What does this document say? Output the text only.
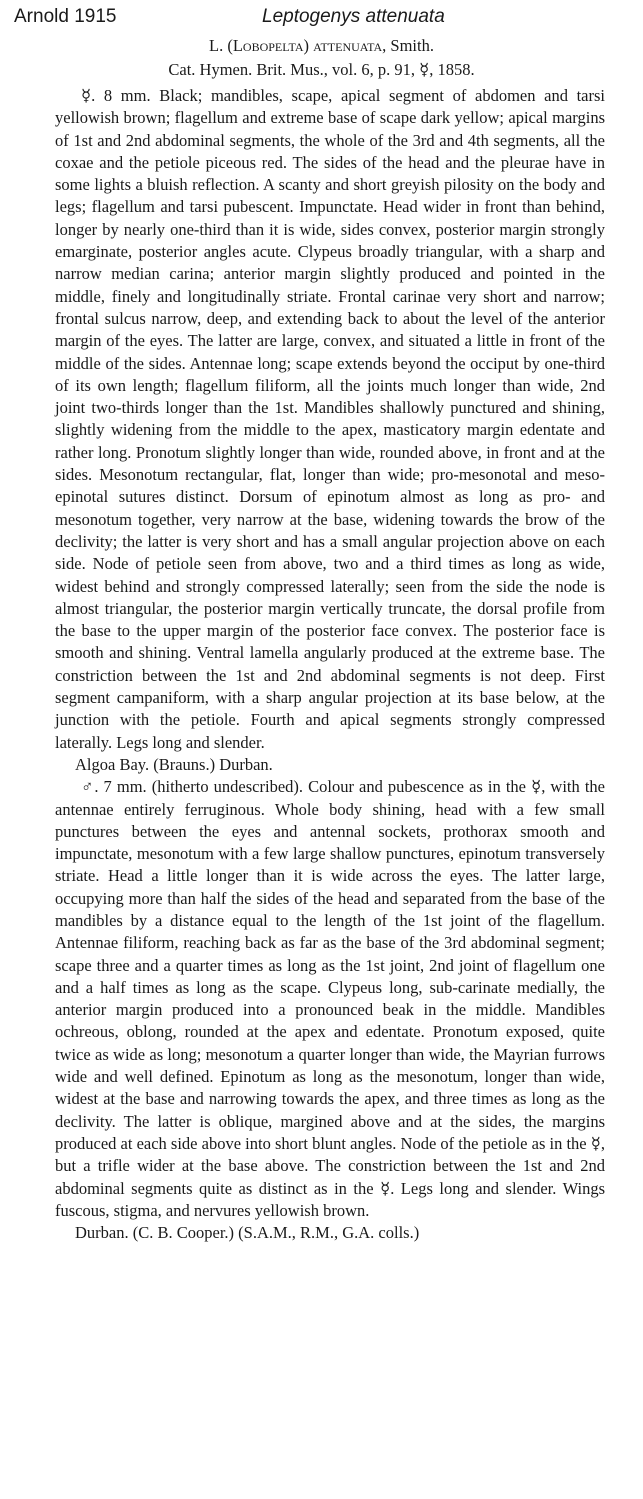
Arnold 1915	Leptogenys attenuata
L. (Lobopelta) attenuata, Smith.
Cat. Hymen. Brit. Mus., vol. 6, p. 91, ☿, 1858.

☿. 8 mm. Black; mandibles, scape, apical segment of abdomen and tarsi yellowish brown; flagellum and extreme base of scape dark yellow; apical margins of 1st and 2nd abdominal segments, the whole of the 3rd and 4th segments, all the coxae and the petiole piceous red. The sides of the head and the pleurae have in some lights a bluish reflection. A scanty and short greyish pilosity on the body and legs; flagellum and tarsi pubescent. Impunctate. Head wider in front than behind, longer by nearly one-third than it is wide, sides convex, posterior margin strongly emarginate, posterior angles acute. Clypeus broadly triangular, with a sharp and narrow median carina; anterior margin slightly produced and pointed in the middle, finely and longitudinally striate. Frontal carinae very short and narrow; frontal sulcus narrow, deep, and extending back to about the level of the anterior margin of the eyes. The latter are large, convex, and situated a little in front of the middle of the sides. Antennae long; scape extends beyond the occiput by one-third of its own length; flagellum filiform, all the joints much longer than wide, 2nd joint two-thirds longer than the 1st. Mandibles shallowly punctured and shining, slightly widening from the middle to the apex, masticatory margin edentate and rather long. Pronotum slightly longer than wide, rounded above, in front and at the sides. Mesonotum rectangular, flat, longer than wide; pro-mesonotal and meso-epinotal sutures distinct. Dorsum of epinotum almost as long as pro- and mesonotum together, very narrow at the base, widening towards the brow of the declivity; the latter is very short and has a small angular projection above on each side. Node of petiole seen from above, two and a third times as long as wide, widest behind and strongly compressed laterally; seen from the side the node is almost triangular, the posterior margin vertically truncate, the dorsal profile from the base to the upper margin of the posterior face convex. The posterior face is smooth and shining. Ventral lamella angularly produced at the extreme base. The constriction between the 1st and 2nd abdominal segments is not deep. First segment campaniform, with a sharp angular projection at its base below, at the junction with the petiole. Fourth and apical segments strongly compressed laterally. Legs long and slender.

Algoa Bay. (Brauns.) Durban.

♂. 7 mm. (hitherto undescribed). Colour and pubescence as in the ☿, with the antennae entirely ferruginous. Whole body shining, head with a few small punctures between the eyes and antennal sockets, prothorax smooth and impunctate, mesonotum with a few large shallow punctures, epinotum transversely striate. Head a little longer than it is wide across the eyes. The latter large, occupying more than half the sides of the head and separated from the base of the mandibles by a distance equal to the length of the 1st joint of the flagellum. Antennae filiform, reaching back as far as the base of the 3rd abdominal segment; scape three and a quarter times as long as the 1st joint, 2nd joint of flagellum one and a half times as long as the scape. Clypeus long, sub-carinate medially, the anterior margin produced into a pronounced beak in the middle. Mandibles ochreous, oblong, rounded at the apex and edentate. Pronotum exposed, quite twice as wide as long; mesonotum a quarter longer than wide, the Mayrian furrows wide and well defined. Epinotum as long as the mesonotum, longer than wide, widest at the base and narrowing towards the apex, and three times as long as the declivity. The latter is oblique, margined above and at the sides, the margins produced at each side above into short blunt angles. Node of the petiole as in the ☿, but a trifle wider at the base above. The constriction between the 1st and 2nd abdominal segments quite as distinct as in the ☿. Legs long and slender. Wings fuscous, stigma, and nervures yellowish brown.

Durban. (C. B. Cooper.) (S.A.M., R.M., G.A. colls.)
